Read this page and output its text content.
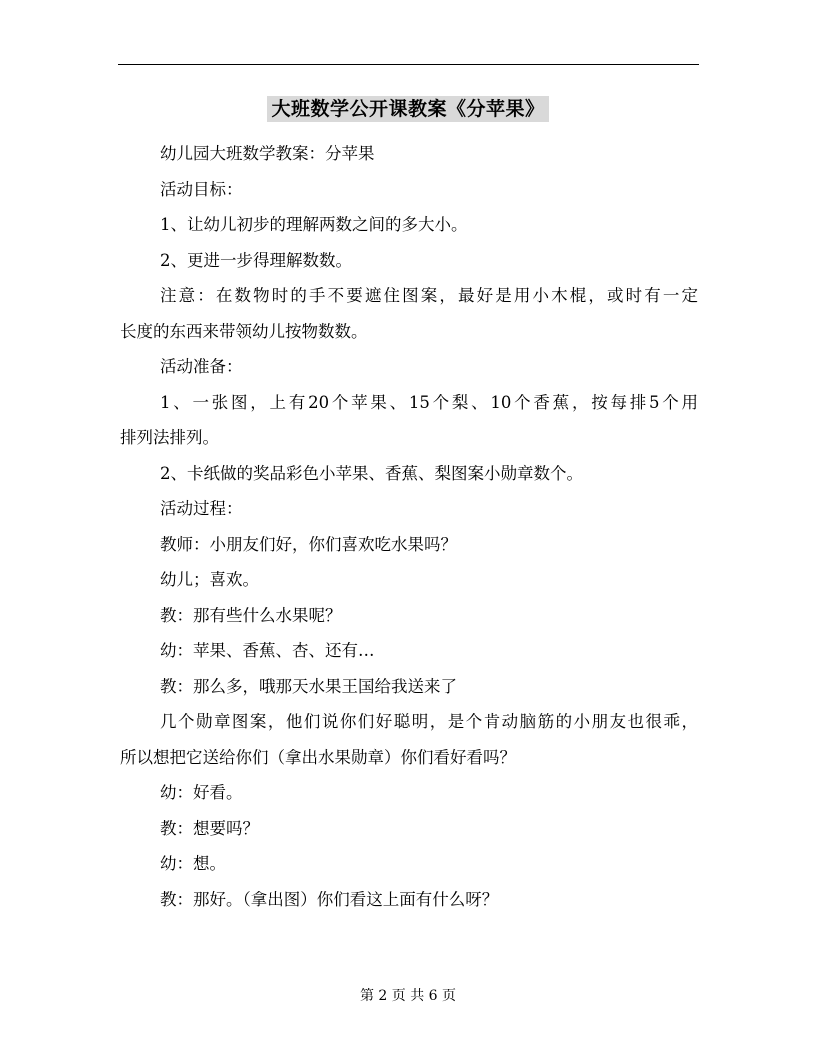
大班数学公开课教案《分苹果》
幼儿园大班数学教案：分苹果
活动目标：
1、让幼儿初步的理解两数之间的多大小。
2、更进一步得理解数数。
注意：在数物时的手不要遮住图案，最好是用小木棍，或时有一定
长度的东西来带领幼儿按物数数。
活动准备：
1、一张图，上有20个苹果、15个梨、10个香蕉，按每排5个用
排列法排列。
2、卡纸做的奖品彩色小苹果、香蕉、梨图案小勋章数个。
活动过程：
教师：小朋友们好，你们喜欢吃水果吗？
幼儿；喜欢。
教：那有些什么水果呢？
幼：苹果、香蕉、杏、还有…
教：那么多，哦那天水果王国给我送来了
几个勋章图案，他们说你们好聪明，是个肯动脑筋的小朋友也很乖，
所以想把它送给你们（拿出水果勋章）你们看好看吗？
幼：好看。
教：想要吗？
幼：想。
教：那好。（拿出图）你们看这上面有什么呀？
第 2 页 共 6 页
